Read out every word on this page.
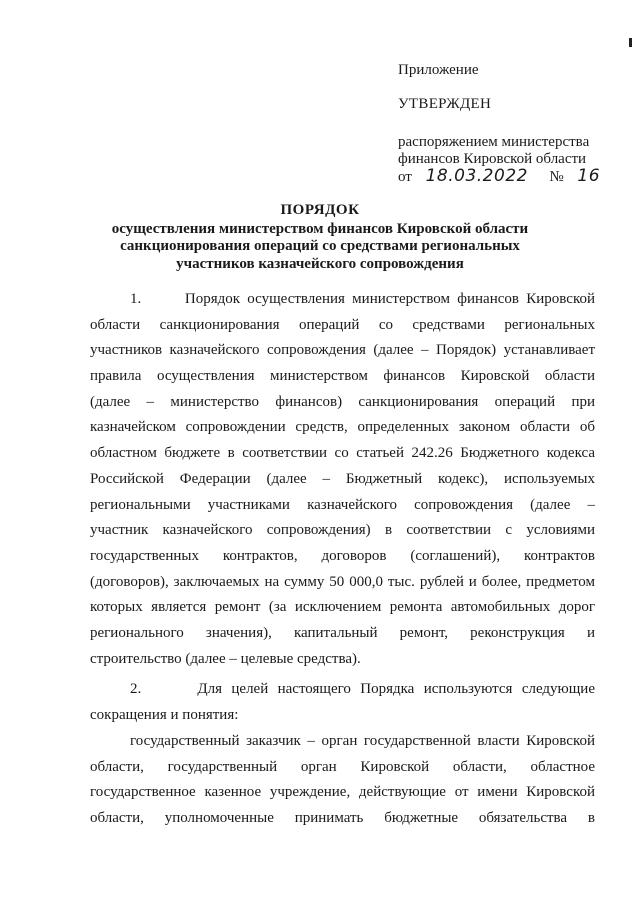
Приложение
УТВЕРЖДЕН
распоряжением министерства
финансов Кировской области
от 18.03.2022 № 16
ПОРЯДОК
осуществления министерством финансов Кировской области
санкционирования операций со средствами региональных
участников казначейского сопровождения
1.      Порядок осуществления министерством финансов Кировской
области санкционирования операций со средствами региональных
участников казначейского сопровождения (далее – Порядок) устанавливает
правила осуществления министерством финансов Кировской области
(далее – министерство финансов) санкционирования операций при
казначейском сопровождении средств, определенных законом области об
областном бюджете в соответствии со статьей 242.26 Бюджетного кодекса
Российской Федерации (далее – Бюджетный кодекс), используемых
региональными участниками казначейского сопровождения (далее –
участник казначейского сопровождения) в соответствии с условиями
государственных контрактов, договоров (соглашений), контрактов
(договоров), заключаемых на сумму 50 000,0 тыс. рублей и более, предметом
которых является ремонт (за исключением ремонта автомобильных дорог
регионального значения), капитальный ремонт, реконструкция и
строительство (далее – целевые средства).
2.      Для целей настоящего Порядка используются следующие
сокращения и понятия:
государственный заказчик – орган государственной власти Кировской
области, государственный орган Кировской области, областное
государственное казенное учреждение, действующие от имени Кировской
области, уполномоченные принимать бюджетные обязательства в
